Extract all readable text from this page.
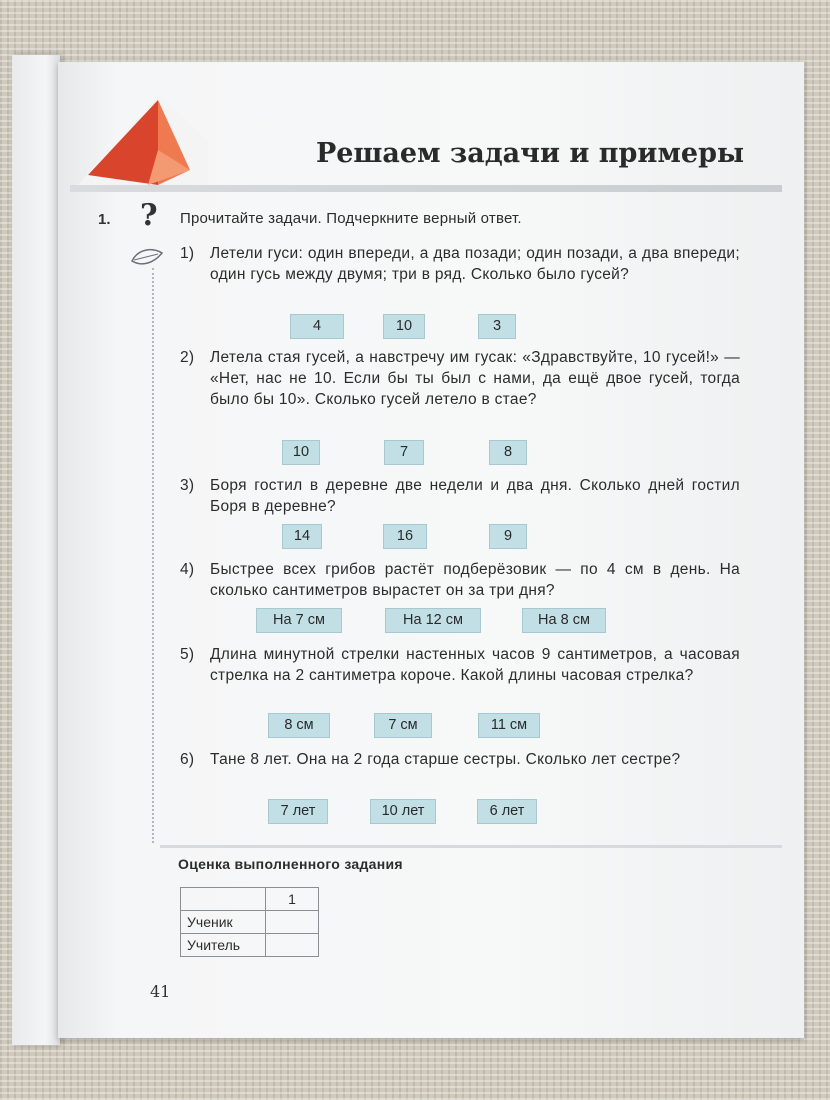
Решаем задачи и примеры
1. ? Прочитайте задачи. Подчеркните верный ответ.
1)	Летели гуси: один впереди, а два позади; один позади, а два впереди; один гусь между двумя; три в ряд. Сколько было гусей?
4	10	3
2)	Летела стая гусей, а навстречу им гусак: «Здравствуйте, 10 гусей!» — «Нет, нас не 10. Если бы ты был с нами, да ещё двое гусей, тогда было бы 10». Сколько гусей летело в стае?
10	7	8
3)	Боря гостил в деревне две недели и два дня. Сколько дней гостил Боря в деревне?
14	16	9
4)	Быстрее всех грибов растёт подберёзовик — по 4 см в день. На сколько сантиметров вырастет он за три дня?
На 7 см	На 12 см	На 8 см
5)	Длина минутной стрелки настенных часов 9 сантиметров, а часовая стрелка на 2 сантиметра короче. Какой длины часовая стрелка?
8 см	7 см	11 см
6)	Тане 8 лет. Она на 2 года старше сестры. Сколько лет сестре?
7 лет	10 лет	6 лет
Оценка выполненного задания
	1
Ученик	
Учитель	
41
